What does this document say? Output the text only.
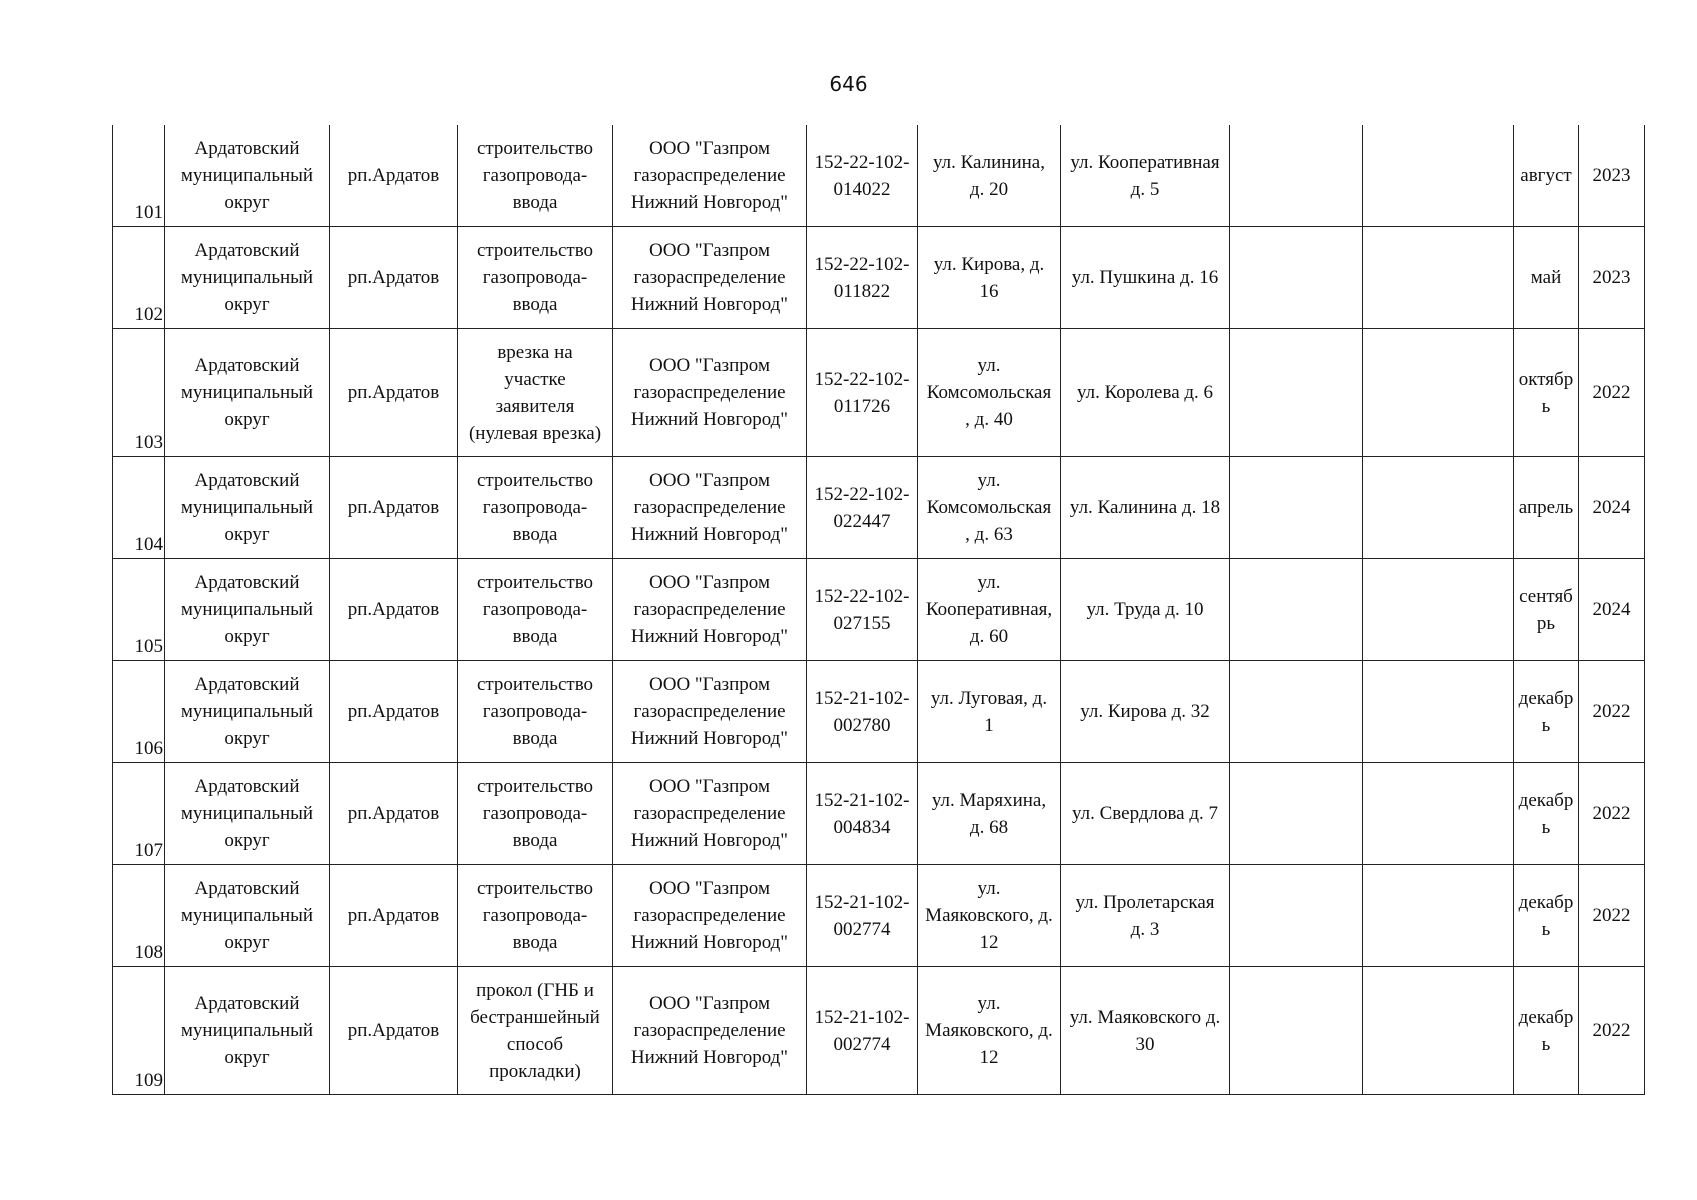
646
101	Ардатовский
муниципальный
округ	рп.Ардатов	строительство
газопровода-
ввода	ООО "Газпром
газораспределение
Нижний Новгород"	152-22-102-
014022	ул. Калинина,
д. 20	ул. Кооперативная
д. 5			август	2023
102	Ардатовский
муниципальный
округ	рп.Ардатов	строительство
газопровода-
ввода	ООО "Газпром
газораспределение
Нижний Новгород"	152-22-102-
011822	ул. Кирова, д.
16	ул. Пушкина д. 16			май	2023
103	Ардатовский
муниципальный
округ	рп.Ардатов	врезка на
участке
заявителя
(нулевая врезка)	ООО "Газпром
газораспределение
Нижний Новгород"	152-22-102-
011726	ул.
Комсомольская
, д. 40	ул. Королева д. 6			октябр
ь	2022
104	Ардатовский
муниципальный
округ	рп.Ардатов	строительство
газопровода-
ввода	ООО "Газпром
газораспределение
Нижний Новгород"	152-22-102-
022447	ул.
Комсомольская
, д. 63	ул. Калинина д. 18			апрель	2024
105	Ардатовский
муниципальный
округ	рп.Ардатов	строительство
газопровода-
ввода	ООО "Газпром
газораспределение
Нижний Новгород"	152-22-102-
027155	ул.
Кооперативная,
д. 60	ул. Труда д. 10			сентяб
рь	2024
106	Ардатовский
муниципальный
округ	рп.Ардатов	строительство
газопровода-
ввода	ООО "Газпром
газораспределение
Нижний Новгород"	152-21-102-
002780	ул. Луговая, д.
1	ул. Кирова д. 32			декабр
ь	2022
107	Ардатовский
муниципальный
округ	рп.Ардатов	строительство
газопровода-
ввода	ООО "Газпром
газораспределение
Нижний Новгород"	152-21-102-
004834	ул. Маряхина,
д. 68	ул. Свердлова д. 7			декабр
ь	2022
108	Ардатовский
муниципальный
округ	рп.Ардатов	строительство
газопровода-
ввода	ООО "Газпром
газораспределение
Нижний Новгород"	152-21-102-
002774	ул.
Маяковского, д.
12	ул. Пролетарская
д. 3			декабр
ь	2022
109	Ардатовский
муниципальный
округ	рп.Ардатов	прокол (ГНБ и
бестраншейный
способ
прокладки)	ООО "Газпром
газораспределение
Нижний Новгород"	152-21-102-
002774	ул.
Маяковского, д.
12	ул. Маяковского д.
30			декабр
ь	2022
